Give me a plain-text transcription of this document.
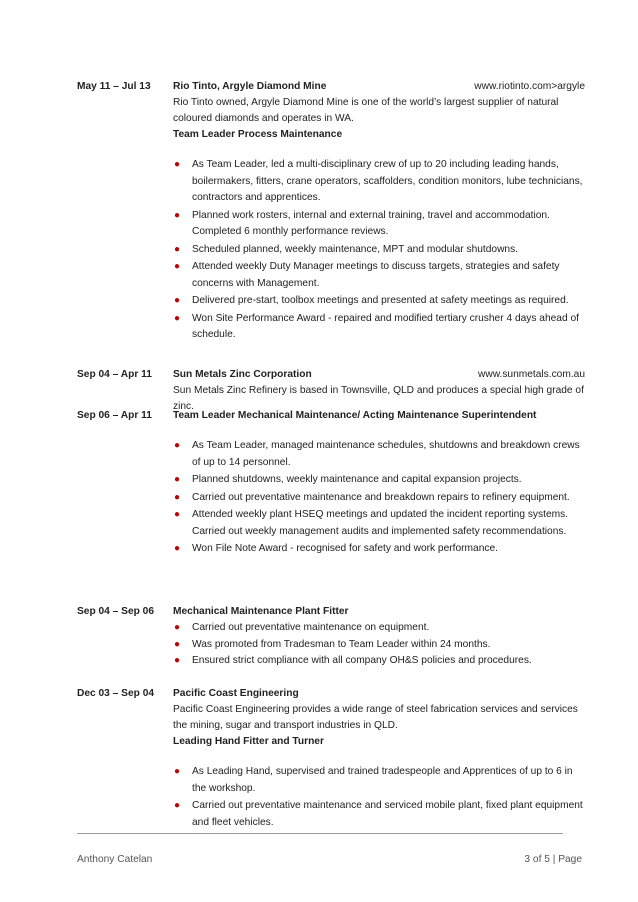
May 11 – Jul 13	Rio Tinto, Argyle Diamond Mine	www.riotinto.com>argyle

Rio Tinto owned, Argyle Diamond Mine is one of the world’s largest supplier of natural coloured diamonds and operates in WA.

Team Leader Process Maintenance

● As Team Leader, led a multi-disciplinary crew of up to 20 including leading hands, boilermakers, fitters, crane operators, scaffolders, condition monitors, lube technicians, contractors and apprentices.
● Planned work rosters, internal and external training, travel and accommodation. Completed 6 monthly performance reviews.
● Scheduled planned, weekly maintenance, MPT and modular shutdowns.
● Attended weekly Duty Manager meetings to discuss targets, strategies and safety concerns with Management.
● Delivered pre-start, toolbox meetings and presented at safety meetings as required.
● Won Site Performance Award - repaired and modified tertiary crusher 4 days ahead of schedule.
Sep 04 – Apr 11	Sun Metals Zinc Corporation	www.sunmetals.com.au

Sun Metals Zinc Refinery is based in Townsville, QLD and produces a special high grade of zinc.

Sep 06 – Apr 11	Team Leader Mechanical Maintenance/ Acting Maintenance Superintendent

● As Team Leader, managed maintenance schedules, shutdowns and breakdown crews of up to 14 personnel.
● Planned shutdowns, weekly maintenance and capital expansion projects.
● Carried out preventative maintenance and breakdown repairs to refinery equipment.
● Attended weekly plant HSEQ meetings and updated the incident reporting systems. Carried out weekly management audits and implemented safety recommendations.
● Won File Note Award - recognised for safety and work performance.
Sep 04 – Sep 06	Mechanical Maintenance Plant Fitter

● Carried out preventative maintenance on equipment.
● Was promoted from Tradesman to Team Leader within 24 months.
● Ensured strict compliance with all company OH&S policies and procedures.
Dec 03 – Sep 04	Pacific Coast Engineering

Pacific Coast Engineering provides a wide range of steel fabrication services and services the mining, sugar and transport industries in QLD.

Leading Hand Fitter and Turner

● As Leading Hand, supervised and trained tradespeople and Apprentices of up to 6 in the workshop.
● Carried out preventative maintenance and serviced mobile plant, fixed plant equipment and fleet vehicles.
Anthony Catelan	3 of 5 | Page
